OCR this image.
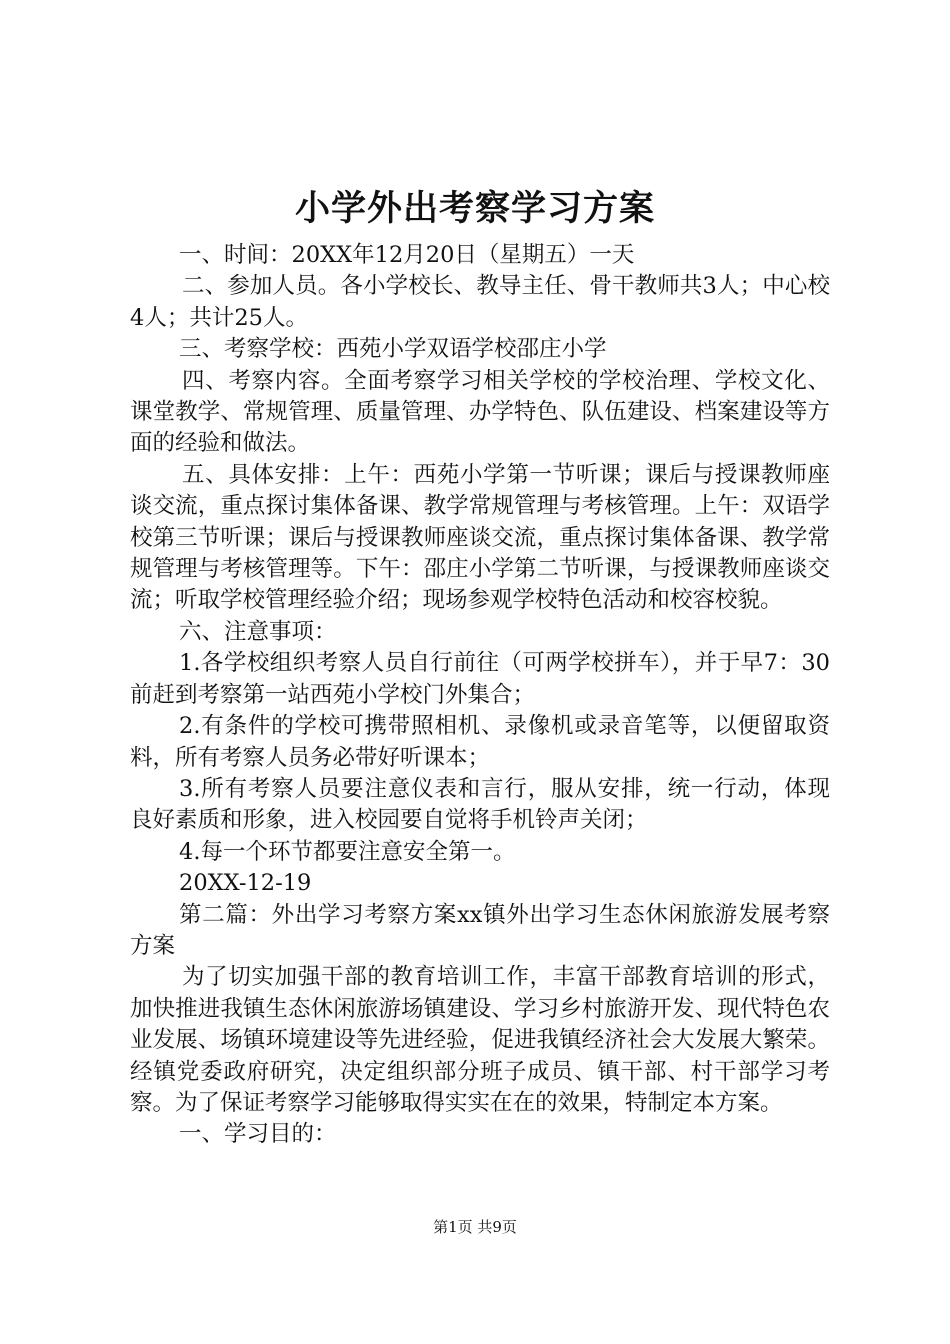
小学外出考察学习方案

一、时间：20XX年12月20日（星期五）一天

二、参加人员。各小学校长、教导主任、骨干教师共3人；中心校4人；共计25人。

三、考察学校：西苑小学双语学校邵庄小学

四、考察内容。全面考察学习相关学校的学校治理、学校文化、课堂教学、常规管理、质量管理、办学特色、队伍建设、档案建设等方面的经验和做法。

五、具体安排：上午：西苑小学第一节听课；课后与授课教师座谈交流，重点探讨集体备课、教学常规管理与考核管理。上午：双语学校第三节听课；课后与授课教师座谈交流，重点探讨集体备课、教学常规管理与考核管理等。下午：邵庄小学第二节听课，与授课教师座谈交流；听取学校管理经验介绍；现场参观学校特色活动和校容校貌。

六、注意事项：

1.各学校组织考察人员自行前往（可两学校拼车），并于早7：30前赶到考察第一站西苑小学校门外集合；

2.有条件的学校可携带照相机、录像机或录音笔等，以便留取资料，所有考察人员务必带好听课本；

3.所有考察人员要注意仪表和言行，服从安排，统一行动，体现良好素质和形象，进入校园要自觉将手机铃声关闭；

4.每一个环节都要注意安全第一。

20XX-12-19

第二篇：外出学习考察方案xx镇外出学习生态休闲旅游发展考察方案

为了切实加强干部的教育培训工作，丰富干部教育培训的形式，加快推进我镇生态休闲旅游场镇建设、学习乡村旅游开发、现代特色农业发展、场镇环境建设等先进经验，促进我镇经济社会大发展大繁荣。经镇党委政府研究，决定组织部分班子成员、镇干部、村干部学习考察。为了保证考察学习能够取得实实在在的效果，特制定本方案。

一、学习目的：

第1页 共9页
